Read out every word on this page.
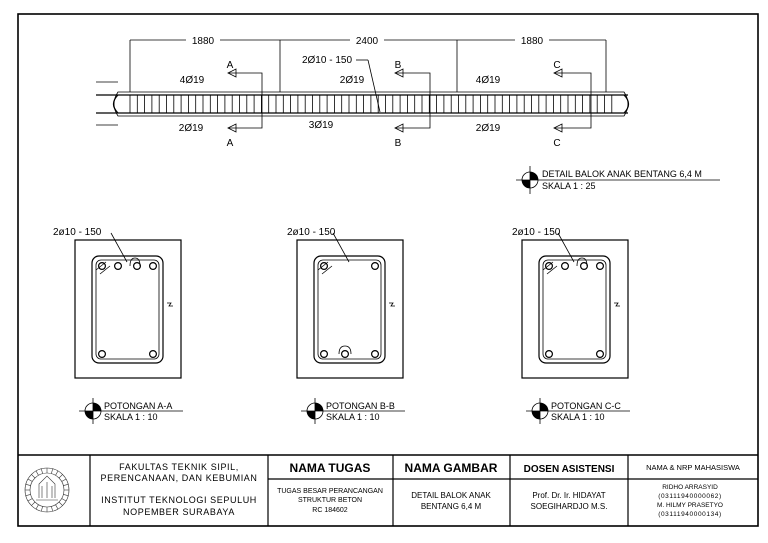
1880	2400	1880
4Ø19	2Ø19	4Ø19
2Ø10 - 150
2Ø19	3Ø19	2Ø19
A
A
B
B
C
C
DETAIL BALOK ANAK BENTANG 6,4 M
SKALA 1 : 25
2ø10 - 150
POTONGAN A-A
SKALA 1 : 10
2ø10 - 150
POTONGAN B-B
SKALA 1 : 10
2ø10 - 150
POTONGAN C-C
SKALA 1 : 10
FAKULTAS TEKNIK SIPIL,
PERENCANAAN, DAN KEBUMIAN
INSTITUT TEKNOLOGI SEPULUH
NOPEMBER SURABAYA
NAMA TUGAS
TUGAS BESAR PERANCANGAN
STRUKTUR BETON
RC 184602
NAMA GAMBAR
DETAIL BALOK ANAK
BENTANG 6,4 M
DOSEN ASISTENSI
Prof. Dr. Ir. HIDAYAT
SOEGIHARDJO M.S.
NAMA & NRP MAHASISWA
RIDHO ARRASYID
(03111940000062)
M. HILMY PRASETYO
(03111940000134)
